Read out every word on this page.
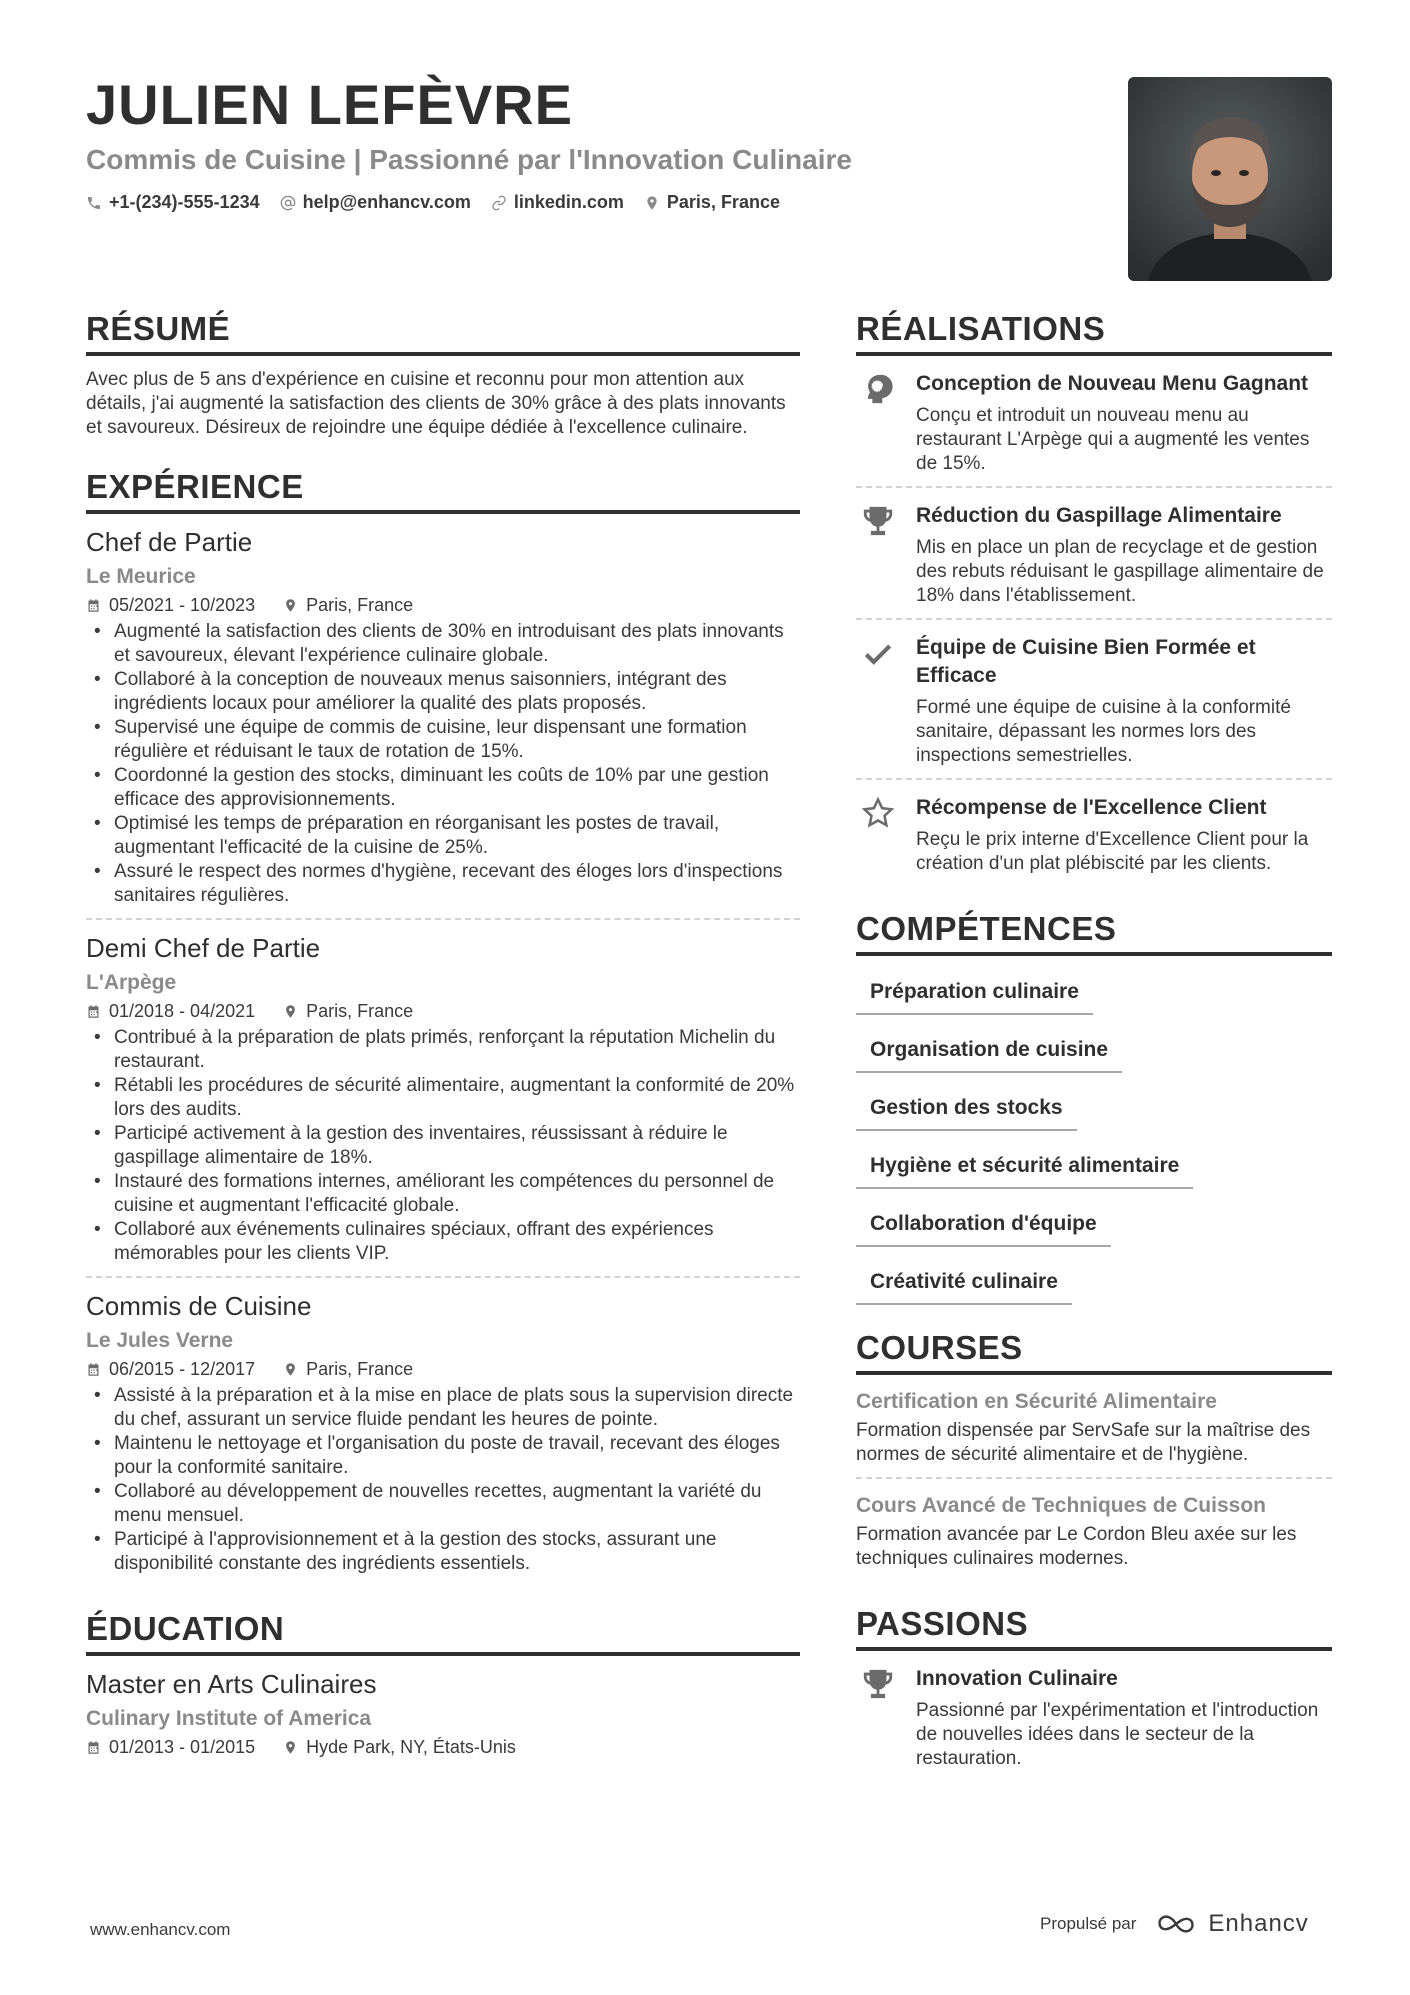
JULIEN LEFÈVRE
Commis de Cuisine | Passionné par l'Innovation Culinaire
+1-(234)-555-1234 help@enhancv.com linkedin.com Paris, France
RÉSUMÉ
Avec plus de 5 ans d'expérience en cuisine et reconnu pour mon attention aux détails, j'ai augmenté la satisfaction des clients de 30% grâce à des plats innovants et savoureux. Désireux de rejoindre une équipe dédiée à l'excellence culinaire.
EXPÉRIENCE
Chef de Partie
Le Meurice
05/2021 - 10/2023	Paris, France
• Augmenté la satisfaction des clients de 30% en introduisant des plats innovants et savoureux, élevant l'expérience culinaire globale.
• Collaboré à la conception de nouveaux menus saisonniers, intégrant des ingrédients locaux pour améliorer la qualité des plats proposés.
• Supervisé une équipe de commis de cuisine, leur dispensant une formation régulière et réduisant le taux de rotation de 15%.
• Coordonné la gestion des stocks, diminuant les coûts de 10% par une gestion efficace des approvisionnements.
• Optimisé les temps de préparation en réorganisant les postes de travail, augmentant l'efficacité de la cuisine de 25%.
• Assuré le respect des normes d'hygiène, recevant des éloges lors d'inspections sanitaires régulières.
Demi Chef de Partie
L'Arpège
01/2018 - 04/2021	Paris, France
• Contribué à la préparation de plats primés, renforçant la réputation Michelin du restaurant.
• Rétabli les procédures de sécurité alimentaire, augmentant la conformité de 20% lors des audits.
• Participé activement à la gestion des inventaires, réussissant à réduire le gaspillage alimentaire de 18%.
• Instauré des formations internes, améliorant les compétences du personnel de cuisine et augmentant l'efficacité globale.
• Collaboré aux événements culinaires spéciaux, offrant des expériences mémorables pour les clients VIP.
Commis de Cuisine
Le Jules Verne
06/2015 - 12/2017	Paris, France
• Assisté à la préparation et à la mise en place de plats sous la supervision directe du chef, assurant un service fluide pendant les heures de pointe.
• Maintenu le nettoyage et l'organisation du poste de travail, recevant des éloges pour la conformité sanitaire.
• Collaboré au développement de nouvelles recettes, augmentant la variété du menu mensuel.
• Participé à l'approvisionnement et à la gestion des stocks, assurant une disponibilité constante des ingrédients essentiels.
ÉDUCATION
Master en Arts Culinaires
Culinary Institute of America
01/2013 - 01/2015	Hyde Park, NY, États-Unis
RÉALISATIONS
Conception de Nouveau Menu Gagnant
Conçu et introduit un nouveau menu au restaurant L'Arpège qui a augmenté les ventes de 15%.
Réduction du Gaspillage Alimentaire
Mis en place un plan de recyclage et de gestion des rebuts réduisant le gaspillage alimentaire de 18% dans l'établissement.
Équipe de Cuisine Bien Formée et Efficace
Formé une équipe de cuisine à la conformité sanitaire, dépassant les normes lors des inspections semestrielles.
Récompense de l'Excellence Client
Reçu le prix interne d'Excellence Client pour la création d'un plat plébiscité par les clients.
COMPÉTENCES
Préparation culinaire
Organisation de cuisine
Gestion des stocks
Hygiène et sécurité alimentaire
Collaboration d'équipe
Créativité culinaire
COURSES
Certification en Sécurité Alimentaire
Formation dispensée par ServSafe sur la maîtrise des normes de sécurité alimentaire et de l'hygiène.
Cours Avancé de Techniques de Cuisson
Formation avancée par Le Cordon Bleu axée sur les techniques culinaires modernes.
PASSIONS
Innovation Culinaire
Passionné par l'expérimentation et l'introduction de nouvelles idées dans le secteur de la restauration.
www.enhancv.com	Propulsé par	Enhancv
